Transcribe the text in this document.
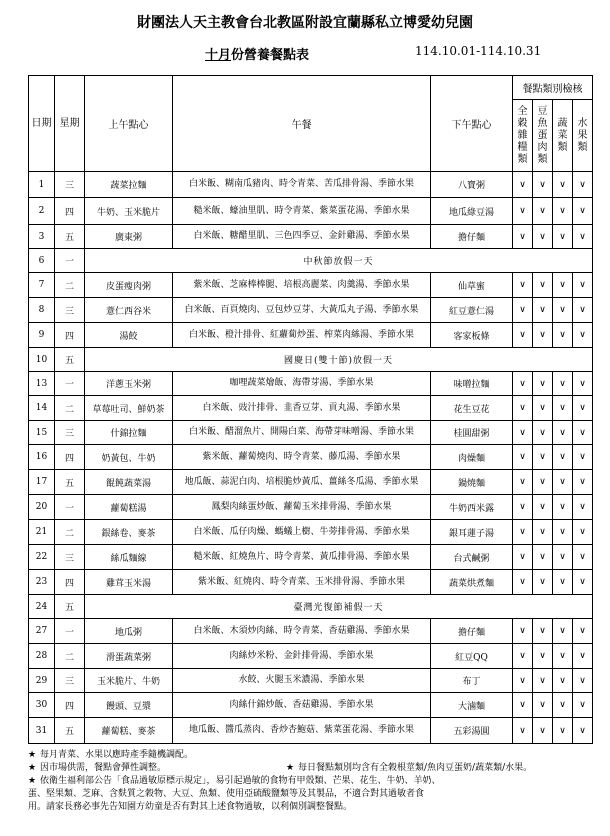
財團法人天主教會台北教區附設宜蘭縣私立博愛幼兒園
十月份營養餐點表	114.10.01-114.10.31
日期	星期	上午點心	午餐	下午點心	餐點類別檢核			
					全穀雜糧類	豆魚蛋肉類	蔬菜類	水果類
1	三	蔬菜拉麵	白米飯、糊南瓜豬肉、時令青菜、苦瓜排骨湯、季節水果	八寶粥	∨	∨	∨	∨
2	四	牛奶、玉米脆片	糙米飯、蠔油里肌、時令青菜、紫菜蛋花湯、季節水果	地瓜綠豆湯	∨	∨	∨	∨
3	五	廣東粥	白米飯、糖醋里肌、三色四季豆、金針雞湯、季節水果	擔仔麵	∨	∨	∨	∨
6	一	中秋節放假一天						
7	二	皮蛋瘦肉粥	紫米飯、芝麻棒棒腿、培根高麗菜、肉羹湯、季節水果	仙草蜜	∨	∨	∨	∨
8	三	薏仁西谷米	白米飯、百頁燒肉、豆包炒豆芽、大黃瓜丸子湯、季節水果	紅豆薏仁湯	∨	∨	∨	∨
9	四	湯餃	白米飯、橙汁排骨、紅蘿蔔炒蛋、榨菜肉絲湯、季節水果	客家板條	∨	∨	∨	∨
10	五	國慶日(雙十節)放假一天						
13	一	洋蔥玉米粥	咖哩蔬菜燴飯、海帶芽湯、季節水果	味噌拉麵	∨	∨	∨	∨
14	二	草莓吐司、鮮奶茶	白米飯、豉汁排骨、韭香豆芽、貢丸湯、季節水果	花生豆花	∨	∨	∨	∨
15	三	什錦拉麵	白米飯、醋溜魚片、開陽白菜、海帶芽味噌湯、季節水果	桂圓甜粥	∨	∨	∨	∨
16	四	奶黃包、牛奶	紫米飯、蘿蔔燒肉、時令青菜、藤瓜湯、季節水果	肉燥麵	∨	∨	∨	∨
17	五	餛飩蔬菜湯	地瓜飯、蒜泥白肉、培根脆炒黃瓜、薑絲冬瓜湯、季節水果	鍋燒麵	∨	∨	∨	∨
20	一	蘿蔔糕湯	鳳梨肉絲蛋炒飯、蘿蔔玉米排骨湯、季節水果	牛奶西米露	∨	∨	∨	∨
21	二	銀絲卷、麥茶	白米飯、瓜仔肉燥、螞蟻上樹、牛蒡排骨湯、季節水果	銀耳蓮子湯	∨	∨	∨	∨
22	三	絲瓜麵線	糙米飯、紅燒魚片、時令青菜、黃瓜排骨湯、季節水果	台式鹹粥	∨	∨	∨	∨
23	四	雞茸玉米湯	紫米飯、紅燒肉、時令青菜、玉米排骨湯、季節水果	蔬菜烘煮麵	∨	∨	∨	∨
24	五	臺灣光復節補假一天						
27	一	地瓜粥	白米飯、木須炒肉絲、時令青菜、香菇雞湯、季節水果	擔仔麵	∨	∨	∨	∨
28	二	滑蛋蔬菜粥	肉絲炒米粉、金針排骨湯、季節水果	紅豆QQ	∨	∨	∨	∨
29	三	玉米脆片、牛奶	水餃、火腿玉米濃湯、季節水果	布丁	∨	∨	∨	∨
30	四	饅頭、豆漿	肉絲什錦炒飯、香菇雞湯、季節水果	大滷麵	∨	∨	∨	∨
31	五	蘿蔔糕、麥茶	地瓜飯、醬瓜蒸肉、香炒杏鮑菇、紫菜蛋花湯、季節水果	五彩湯圓	∨	∨	∨	∨
★ 每月青菜、水果以應時產季隨機調配。
★ 因市場供需，餐點會彈性調整。	★ 每日餐點類別均含有全穀根莖類/魚肉豆蛋奶/蔬菜類/水果。
★ 依衛生福利部公告「食品過敏原標示規定」，易引起過敏的食物有甲殼類、芒果、花生、牛奶、羊奶、
蛋、堅果類、芝麻、含麩質之穀物、大豆、魚類、使用亞硫酸鹽類等及其製品，不適合對其過敏者食
用。請家長務必事先告知園方幼童是否有對其上述食物過敏，以利個別調整餐點。
